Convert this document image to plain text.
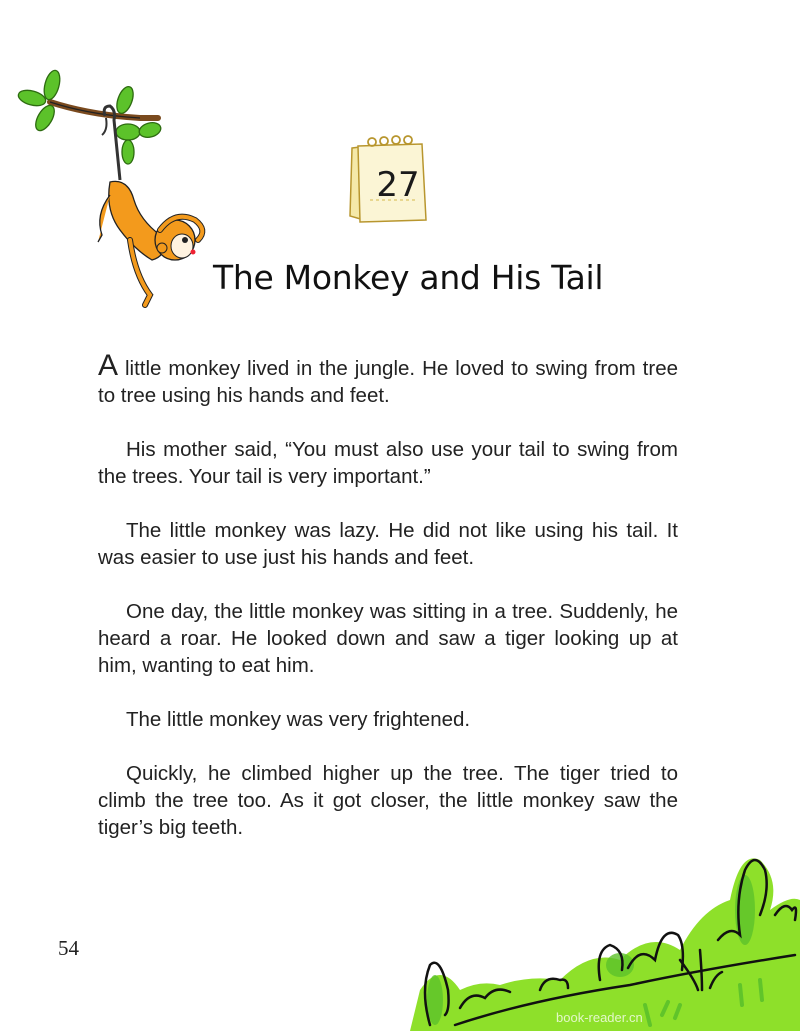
27
The Monkey and His Tail

A little monkey lived in the jungle. He loved to swing from tree to tree using his hands and feet.

His mother said, “You must also use your tail to swing from the trees. Your tail is very important.”

The little monkey was lazy. He did not like using his tail. It was easier to use just his hands and feet.

One day, the little monkey was sitting in a tree. Suddenly, he heard a roar. He looked down and saw a tiger looking up at him, wanting to eat him.

The little monkey was very frightened.

Quickly, he climbed higher up the tree. The tiger tried to climb the tree too. As it got closer, the little monkey saw the tiger’s big teeth.

54
book-reader.cn
